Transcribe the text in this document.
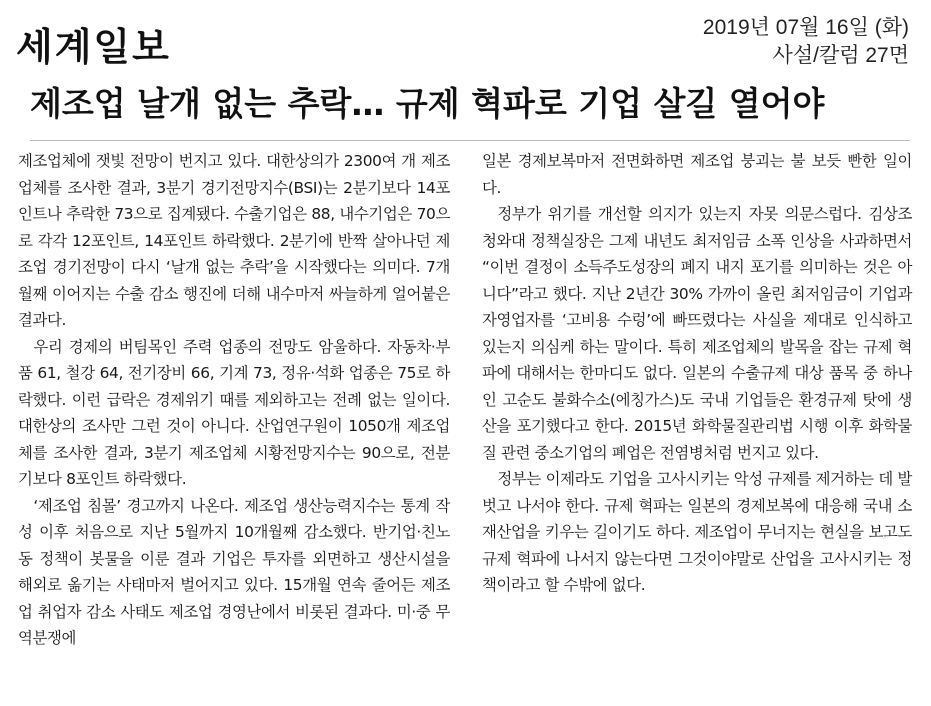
세계일보	2019년 07월 16일 (화)
사설/칼럼 27면
제조업 날개 없는 추락… 규제 혁파로 기업 살길 열어야

제조업체에 잿빛 전망이 번지고 있다. 대한상의가 2300여 개 제조업체를 조사한 결과, 3분기 경기전망지수(BSI)는 2분기보다 14포인트나 추락한 73으로 집계됐다. 수출기업은 88, 내수기업은 70으로 각각 12포인트, 14포인트 하락했다. 2분기에 반짝 살아나던 제조업 경기전망이 다시 ‘날개 없는 추락’을 시작했다는 의미다. 7개월째 이어지는 수출 감소 행진에 더해 내수마저 싸늘하게 얼어붙은 결과다.

우리 경제의 버팀목인 주력 업종의 전망도 암울하다. 자동차·부품 61, 철강 64, 전기장비 66, 기계 73, 정유·석화 업종은 75로 하락했다. 이런 급락은 경제위기 때를 제외하고는 전례 없는 일이다. 대한상의 조사만 그런 것이 아니다. 산업연구원이 1050개 제조업체를 조사한 결과, 3분기 제조업체 시황전망지수는 90으로, 전분기보다 8포인트 하락했다.

‘제조업 침몰’ 경고까지 나온다. 제조업 생산능력지수는 통계 작성 이후 처음으로 지난 5월까지 10개월째 감소했다. 반기업·친노동 정책이 봇물을 이룬 결과 기업은 투자를 외면하고 생산시설을 해외로 옮기는 사태마저 벌어지고 있다. 15개월 연속 줄어든 제조업 취업자 감소 사태도 제조업 경영난에서 비롯된 결과다. 미·중 무역분쟁에

일본 경제보복마저 전면화하면 제조업 붕괴는 불 보듯 빤한 일이다.

정부가 위기를 개선할 의지가 있는지 자못 의문스럽다. 김상조 청와대 정책실장은 그제 내년도 최저임금 소폭 인상을 사과하면서 “이번 결정이 소득주도성장의 폐지 내지 포기를 의미하는 것은 아니다”라고 했다. 지난 2년간 30% 가까이 올린 최저임금이 기업과 자영업자를 ‘고비용 수렁’에 빠뜨렸다는 사실을 제대로 인식하고 있는지 의심케 하는 말이다. 특히 제조업체의 발목을 잡는 규제 혁파에 대해서는 한마디도 없다. 일본의 수출규제 대상 품목 중 하나인 고순도 불화수소(에칭가스)도 국내 기업들은 환경규제 탓에 생산을 포기했다고 한다. 2015년 화학물질관리법 시행 이후 화학물질 관련 중소기업의 폐업은 전염병처럼 번지고 있다.

정부는 이제라도 기업을 고사시키는 악성 규제를 제거하는 데 발 벗고 나서야 한다. 규제 혁파는 일본의 경제보복에 대응해 국내 소재산업을 키우는 길이기도 하다. 제조업이 무너지는 현실을 보고도 규제 혁파에 나서지 않는다면 그것이야말로 산업을 고사시키는 정책이라고 할 수밖에 없다.
